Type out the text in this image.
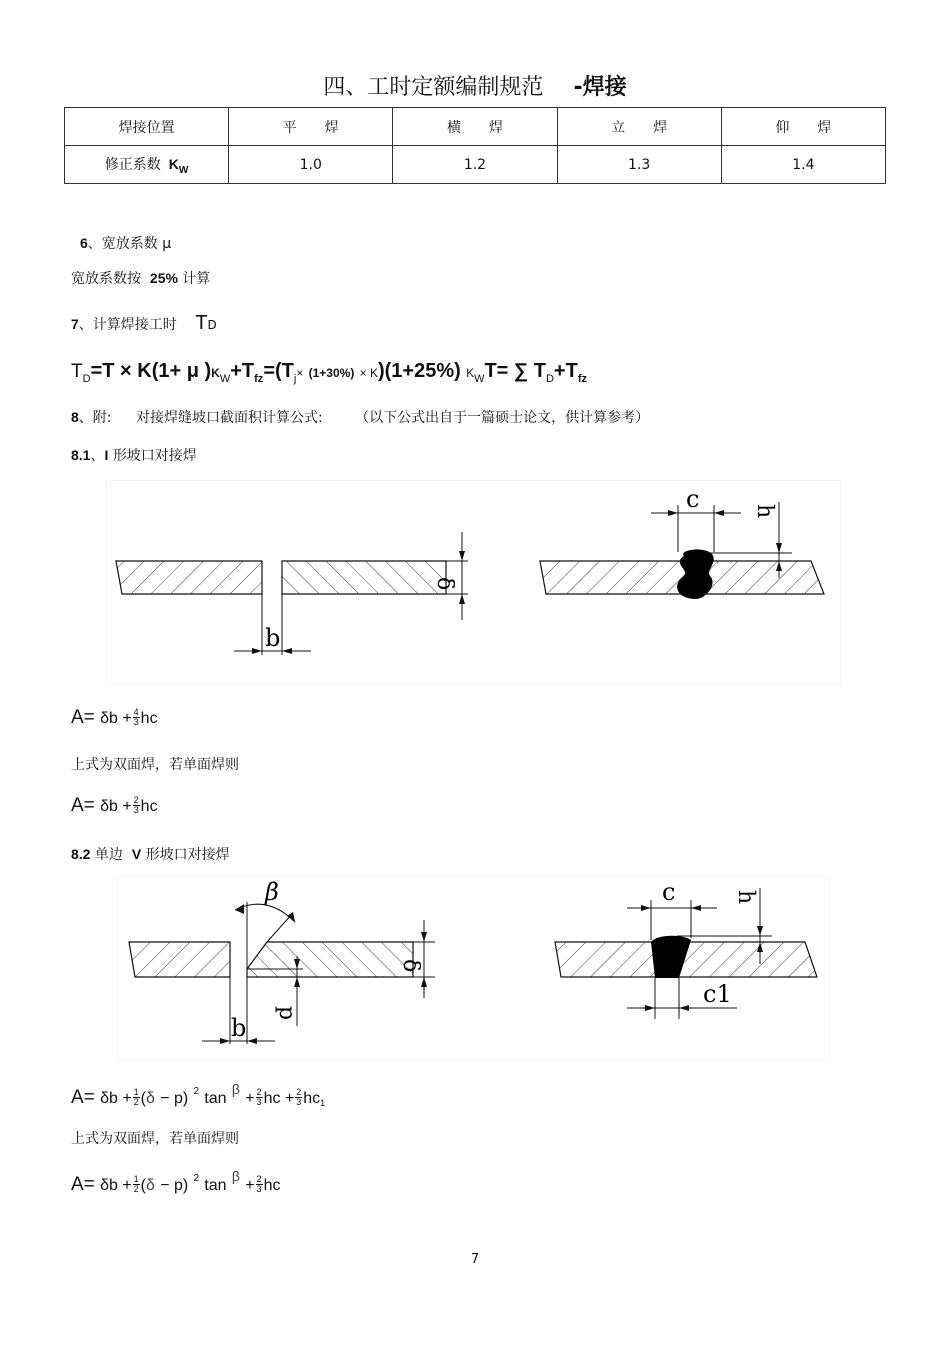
四、工时定额编制规范 -焊接
焊接位置	平　　焊	横　　焊	立　　焊	仰　　焊
修正系数 $K_W$	1.0	1.2	1.3	1.4
6、宽放系数 μ
宽放系数按 25% 计算
7、计算焊接工时 TD
$T_D=T \times K(1+ \mu$ )$K_W+T_{fz}=(T_j\times (1+30\%) \times K)(1+25\%)$ $K_WT=$ ∑ $T_D+T_{fz}$
8、附: 对接焊缝坡口截面积计算公式: （以下公式出自于一篇硕士论文，供计算参考）
8.1、I 形坡口对接焊
b
δ
c h
$A= \delta b + \frac{4}{3}$ hc
上式为双面焊，若单面焊则
$A= \delta b + \frac{2}{3}$ hc
8.2 单边 V 形坡口对接焊
β
p
b
δ
c	h
c1
$A= \delta b + \frac{1}{2} (\delta - p)$ $^2$ $\tan ^\beta + \frac{2}{3}$ hc + $\frac{2}{3} hc1$
上式为双面焊，若单面焊则
$A= \delta b + \frac{1}{2} (\delta - p)$ $^2$ $\tan ^\beta + \frac{2}{3}$ hc
7
